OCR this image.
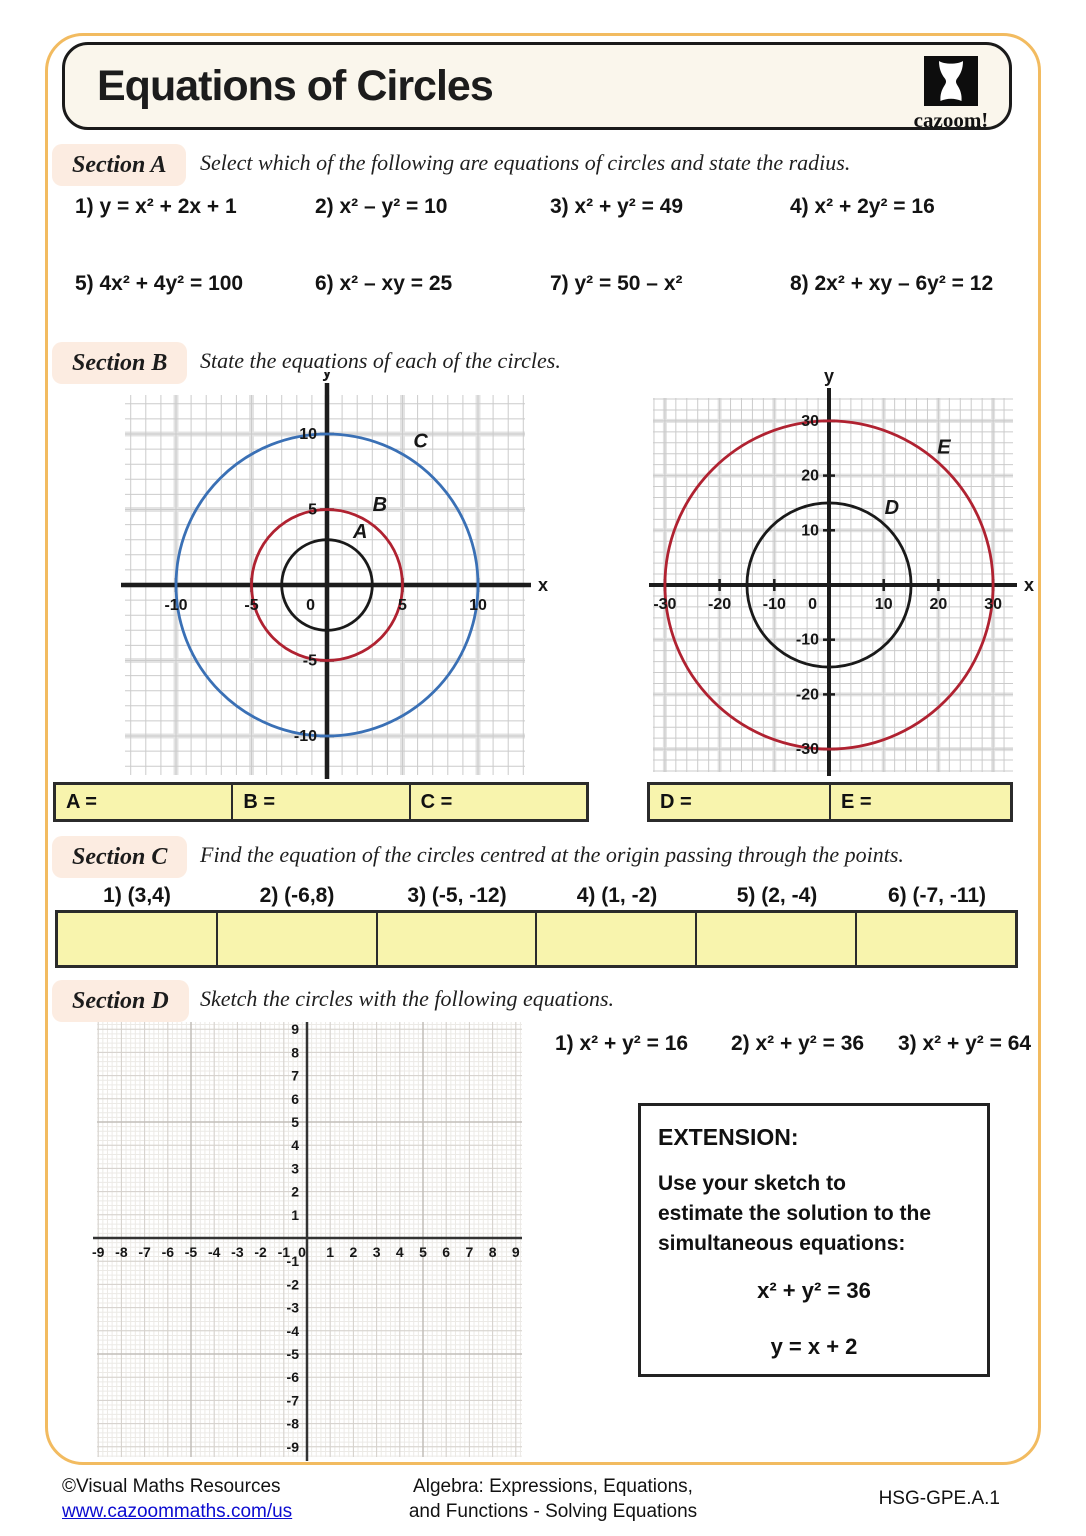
Equations of Circles
cazoom!
Section A	Select which of the following are equations of circles and state the radius.
1) y = x² + 2x + 1	2) x² – y² = 10	3) x² + y² = 49	4) x² + 2y² = 16
5) 4x² + 4y² = 100	6) x² – xy = 25	7) y² = 50 – x²	8) 2x² + xy – 6y² = 12
Section B	State the equations of each of the circles.
-10	-5	5	10
10
5
-5
-10
0
x
A
B
C
-30 -20 -10	10 20 30
30
20
10
-10
-20
-30
0
x
y
D
E
A =	B =	C =	D =	E =
Section C	Find the equation of the circles centred at the origin passing through the points.
1) (3,4)	2) (-6,8)	3) (-5, -12)	4) (1, -2)	5) (2, -4)	6) (-7, -11)
Section D	Sketch the circles with the following equations.
-9 -8 -7 -6 -5 -4 -3 -2 -1	1 2 3 4 5 6 7 8 9
9
8
7
6
5
4
3
2
1
-1
-2
-3
-4
-5
-6
-7
-8
-9
0
1) x² + y² = 16 2) x² + y² = 36 3) x² + y² = 64
EXTENSION:
Use your sketch to
estimate the solution to the
simultaneous equations:
x² + y² = 36
y = x + 2
©Visual Maths Resources
www.cazoommaths.com/us
Algebra: Expressions, Equations,
and Functions - Solving Equations
HSG-GPE.A.1
